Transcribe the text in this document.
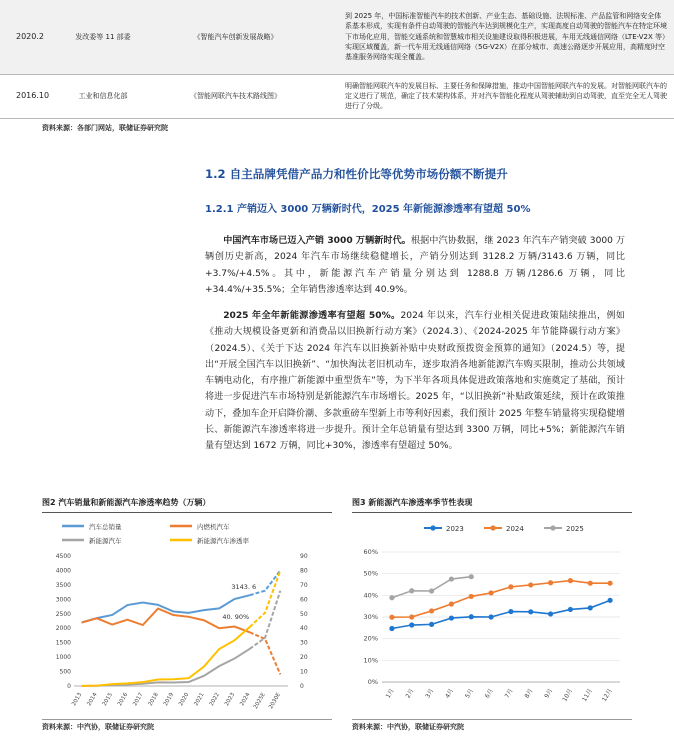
2020.2	发改委等 11 部委	《智能汽车创新发展战略》	到 2025 年，中国标准智能汽车的技术创新、产业生态、基础设施、法规标准、产品监管和网络安全体系基本形成，实现有条件自动驾驶的智能汽车达到规模化生产，实现高度自动驾驶的智能汽车在特定环境下市场化应用，智能交通系统和智慧城市相关设施建设取得积极进展，车用无线通信网络（LTE-V2X 等）实现区域覆盖，新一代车用无线通信网络（5G-V2X）在部分城市、高速公路逐步开展应用，高精度时空基准服务网络实现全覆盖。
2016.10	工业和信息化部	《智能网联汽车技术路线图》	明确智能网联汽车的发展目标、主要任务和保障措施，推动中国智能网联汽车的发展。对智能网联汽车的定义进行了规范，确定了技术架构体系，并对汽车智能化程度从驾驶辅助到自动驾驶，直至完全无人驾驶进行了分级。
资料来源：各部门网站，联储证券研究院
1.2 自主品牌凭借产品力和性价比等优势市场份额不断提升
1.2.1 产销迈入 3000 万辆新时代，2025 年新能源渗透率有望超 50%
中国汽车市场已迈入产销 3000 万辆新时代。根据中汽协数据，继 2023 年汽车产销突破 3000 万辆创历史新高，2024 年汽车市场继续稳健增长，产销分别达到 3128.2 万辆/3143.6 万辆，同比+3.7%/+4.5%。其中，新能源汽车产销量分别达到 1288.8 万辆/1286.6 万辆，同比+34.4%/+35.5%；全年销售渗透率达到 40.9%。
2025 年全年新能源渗透率有望超 50%。2024 年以来，汽车行业相关促进政策陆续推出，例如《推动大规模设备更新和消费品以旧换新行动方案》（2024.3）、《2024-2025 年节能降碳行动方案》（2024.5）、《关于下达 2024 年汽车以旧换新补贴中央财政预拨资金预算的通知》（2024.5）等，提出“开展全国汽车以旧换新”、“加快淘汰老旧机动车，逐步取消各地新能源汽车购买限制，推动公共领域车辆电动化，有序推广新能源中重型货车”等，为下半年各项具体促进政策落地和实施奠定了基础，预计将进一步促进汽车市场特别是新能源汽车市场增长。2025 年，“以旧换新”补贴政策延续，预计在政策推动下，叠加车企开启降价潮、多款重磅车型新上市等利好因素，我们预计 2025 年整车销量将实现稳健增长、新能源汽车渗透率将进一步提升。预计全年总销量有望达到 3300 万辆，同比+5%；新能源汽车销量有望达到 1672 万辆，同比+30%，渗透率有望超过 50%。
图2 汽车销量和新能源汽车渗透率趋势（万辆）
汽车总销量	内燃机汽车
新能源汽车	新能源汽车渗透率
0
500
1000
1500
2000
2500
3000
3500
4000
4500
0
10
20
30
40
50
60
70
80
90
2013 2014 2015 2016 2017 2018 2019 2020 2021 2022 2023 2024 2025E 2030E
3143. 6
40. 90%
资料来源：中汽协，联储证券研究院
图3 新能源汽车渗透率季节性表现
2023	2024	2025
0%
10%
20%
30%
40%
50%
60%
1月 2月 3月 4月 5月 6月 7月 8月 9月 10月 11月 12月
资料来源：中汽协，联储证券研究院
